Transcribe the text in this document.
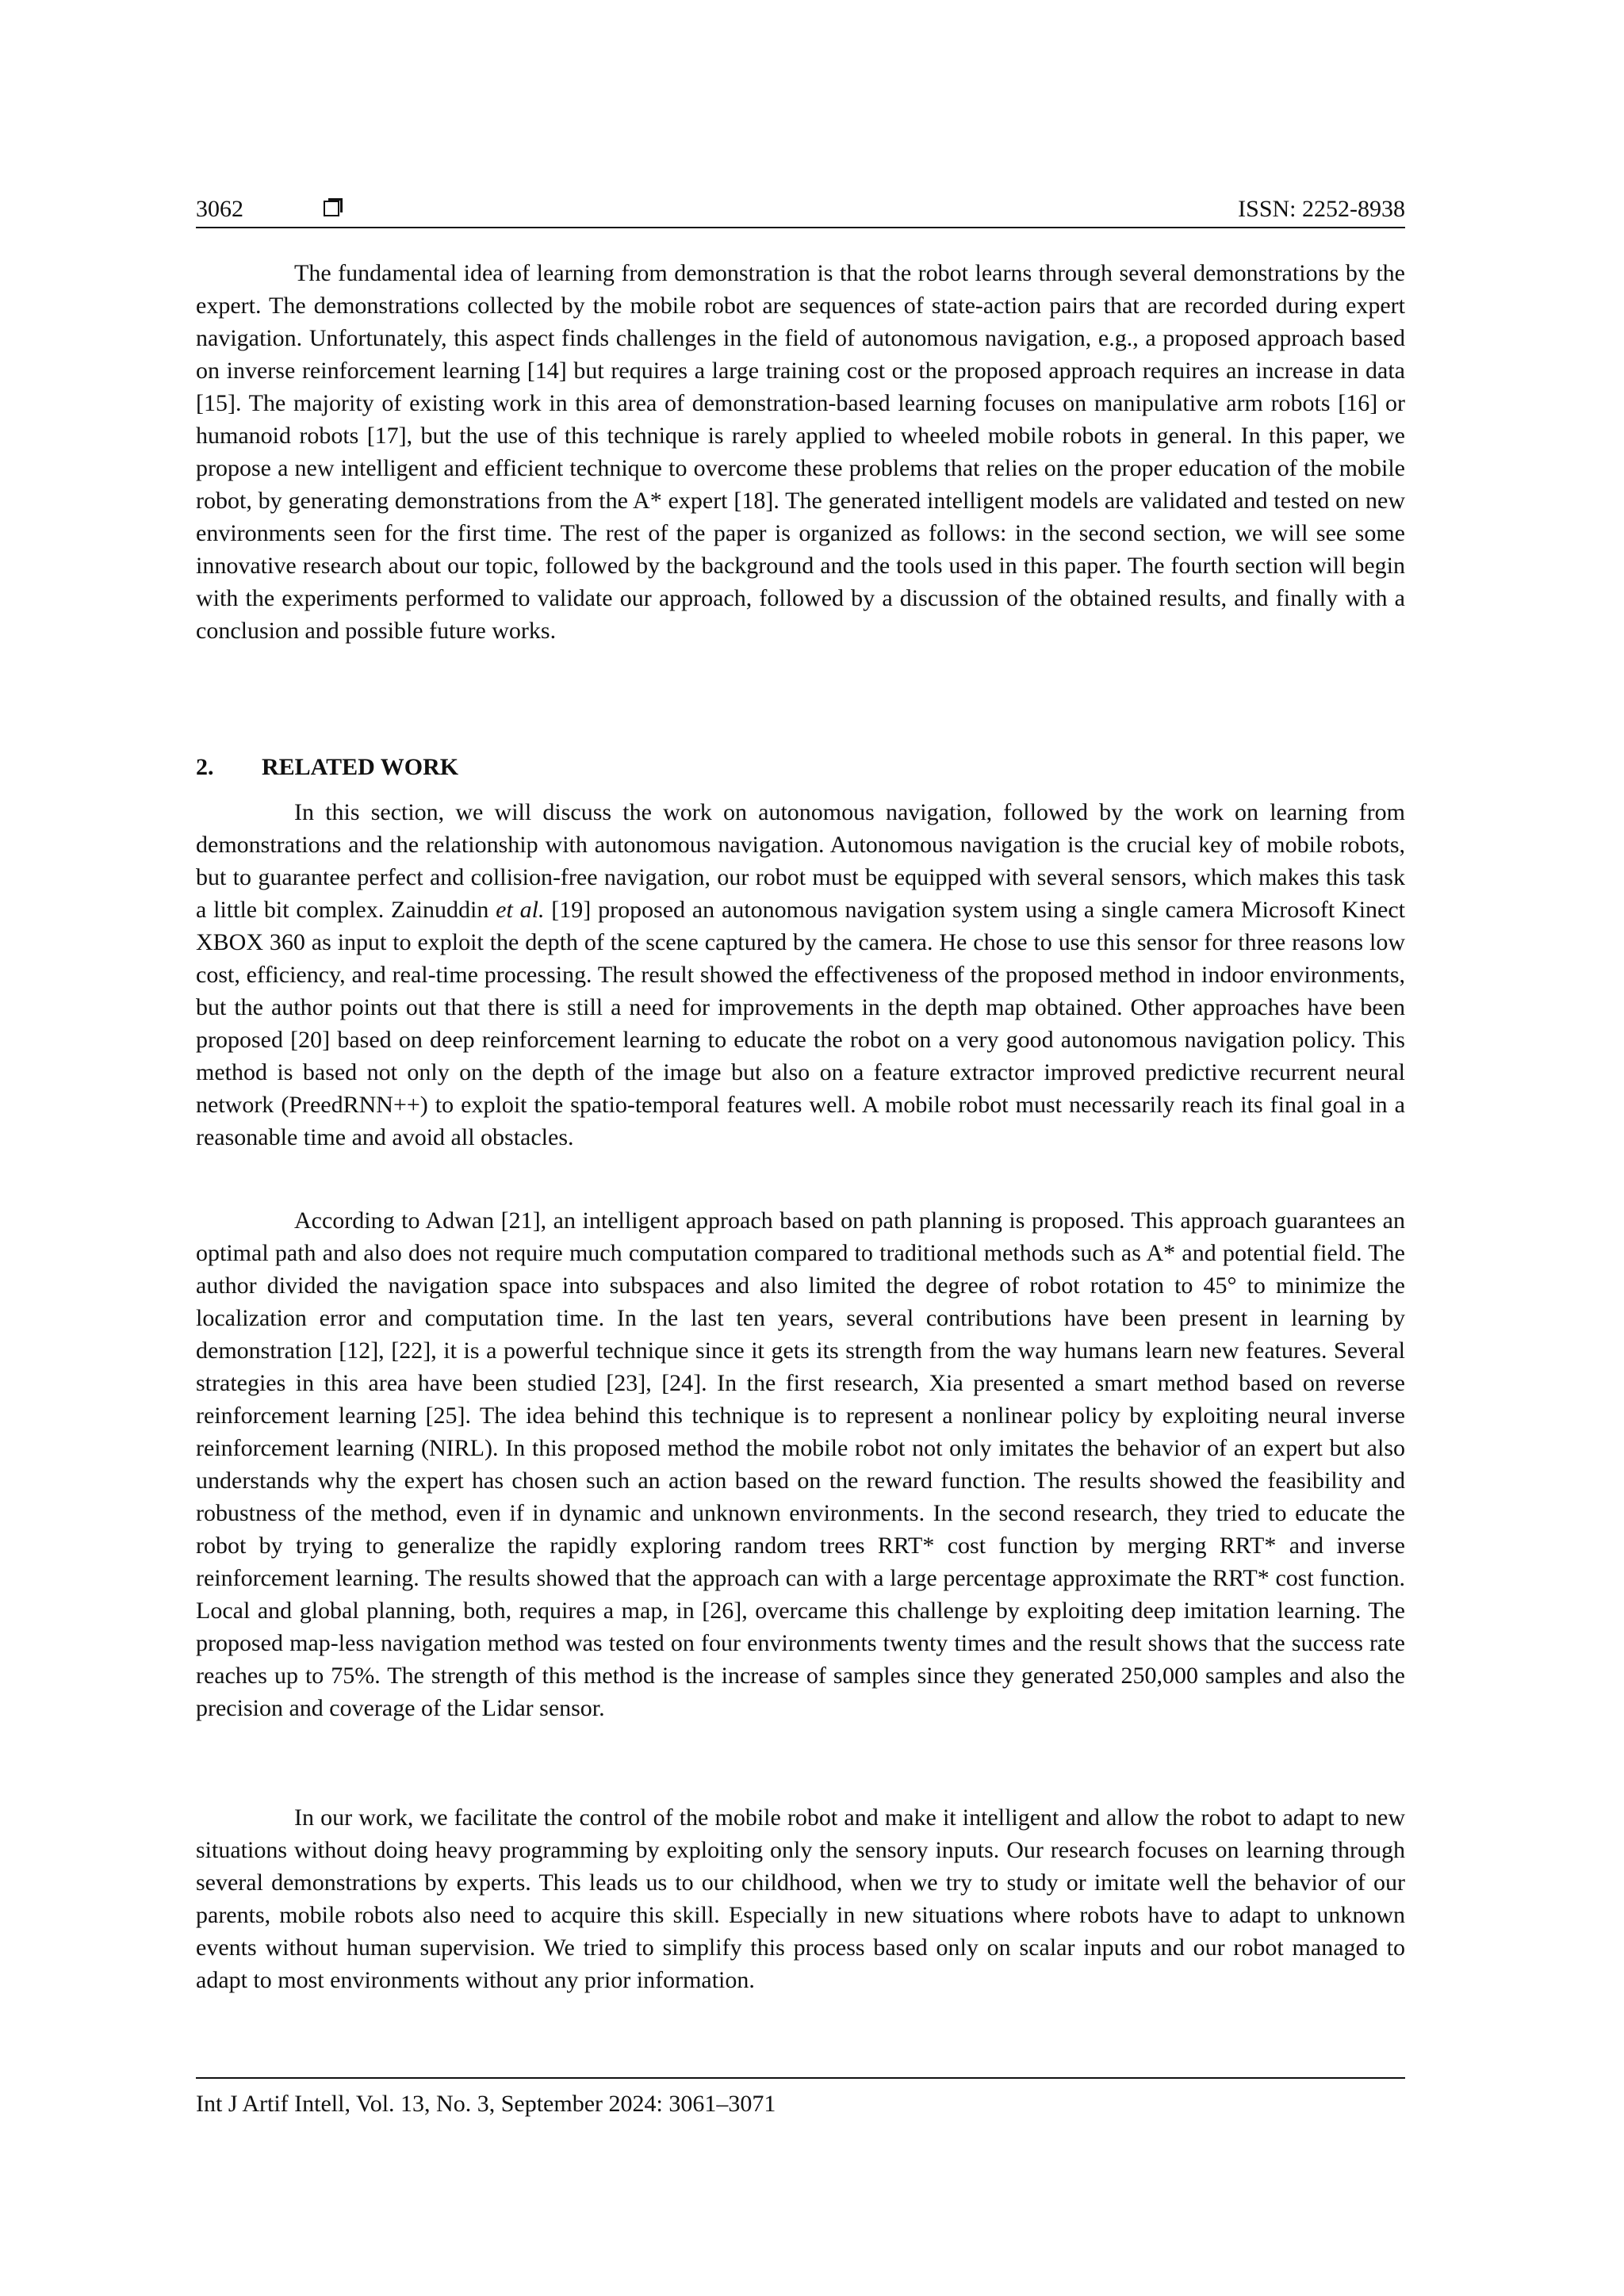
3062	ISSN: 2252-8938

The fundamental idea of learning from demonstration is that the robot learns through several demonstrations by the expert. The demonstrations collected by the mobile robot are sequences of state-action pairs that are recorded during expert navigation. Unfortunately, this aspect finds challenges in the field of autonomous navigation, e.g., a proposed approach based on inverse reinforcement learning [14] but requires a large training cost or the proposed approach requires an increase in data [15]. The majority of existing work in this area of demonstration-based learning focuses on manipulative arm robots [16] or humanoid robots [17], but the use of this technique is rarely applied to wheeled mobile robots in general. In this paper, we propose a new intelligent and efficient technique to overcome these problems that relies on the proper education of the mobile robot, by generating demonstrations from the A* expert [18]. The generated intelligent models are validated and tested on new environments seen for the first time. The rest of the paper is organized as follows: in the second section, we will see some innovative research about our topic, followed by the background and the tools used in this paper. The fourth section will begin with the experiments performed to validate our approach, followed by a discussion of the obtained results, and finally with a conclusion and possible future works.

2. RELATED WORK

In this section, we will discuss the work on autonomous navigation, followed by the work on learning from demonstrations and the relationship with autonomous navigation. Autonomous navigation is the crucial key of mobile robots, but to guarantee perfect and collision-free navigation, our robot must be equipped with several sensors, which makes this task a little bit complex. Zainuddin et al. [19] proposed an autonomous navigation system using a single camera Microsoft Kinect XBOX 360 as input to exploit the depth of the scene captured by the camera. He chose to use this sensor for three reasons low cost, efficiency, and real-time processing. The result showed the effectiveness of the proposed method in indoor environments, but the author points out that there is still a need for improvements in the depth map obtained. Other approaches have been proposed [20] based on deep reinforcement learning to educate the robot on a very good autonomous navigation policy. This method is based not only on the depth of the image but also on a feature extractor improved predictive recurrent neural network (PreedRNN++) to exploit the spatio-temporal features well. A mobile robot must necessarily reach its final goal in a reasonable time and avoid all obstacles.

According to Adwan [21], an intelligent approach based on path planning is proposed. This approach guarantees an optimal path and also does not require much computation compared to traditional methods such as A* and potential field. The author divided the navigation space into subspaces and also limited the degree of robot rotation to 45° to minimize the localization error and computation time. In the last ten years, several contributions have been present in learning by demonstration [12], [22], it is a powerful technique since it gets its strength from the way humans learn new features. Several strategies in this area have been studied [23], [24]. In the first research, Xia presented a smart method based on reverse reinforcement learning [25]. The idea behind this technique is to represent a nonlinear policy by exploiting neural inverse reinforcement learning (NIRL). In this proposed method the mobile robot not only imitates the behavior of an expert but also understands why the expert has chosen such an action based on the reward function. The results showed the feasibility and robustness of the method, even if in dynamic and unknown environments. In the second research, they tried to educate the robot by trying to generalize the rapidly exploring random trees RRT* cost function by merging RRT* and inverse reinforcement learning. The results showed that the approach can with a large percentage approximate the RRT* cost function. Local and global planning, both, requires a map, in [26], overcame this challenge by exploiting deep imitation learning. The proposed map-less navigation method was tested on four environments twenty times and the result shows that the success rate reaches up to 75%. The strength of this method is the increase of samples since they generated 250,000 samples and also the precision and coverage of the Lidar sensor.

In our work, we facilitate the control of the mobile robot and make it intelligent and allow the robot to adapt to new situations without doing heavy programming by exploiting only the sensory inputs. Our research focuses on learning through several demonstrations by experts. This leads us to our childhood, when we try to study or imitate well the behavior of our parents, mobile robots also need to acquire this skill. Especially in new situations where robots have to adapt to unknown events without human supervision. We tried to simplify this process based only on scalar inputs and our robot managed to adapt to most environments without any prior information.

Int J Artif Intell, Vol. 13, No. 3, September 2024: 3061–3071
